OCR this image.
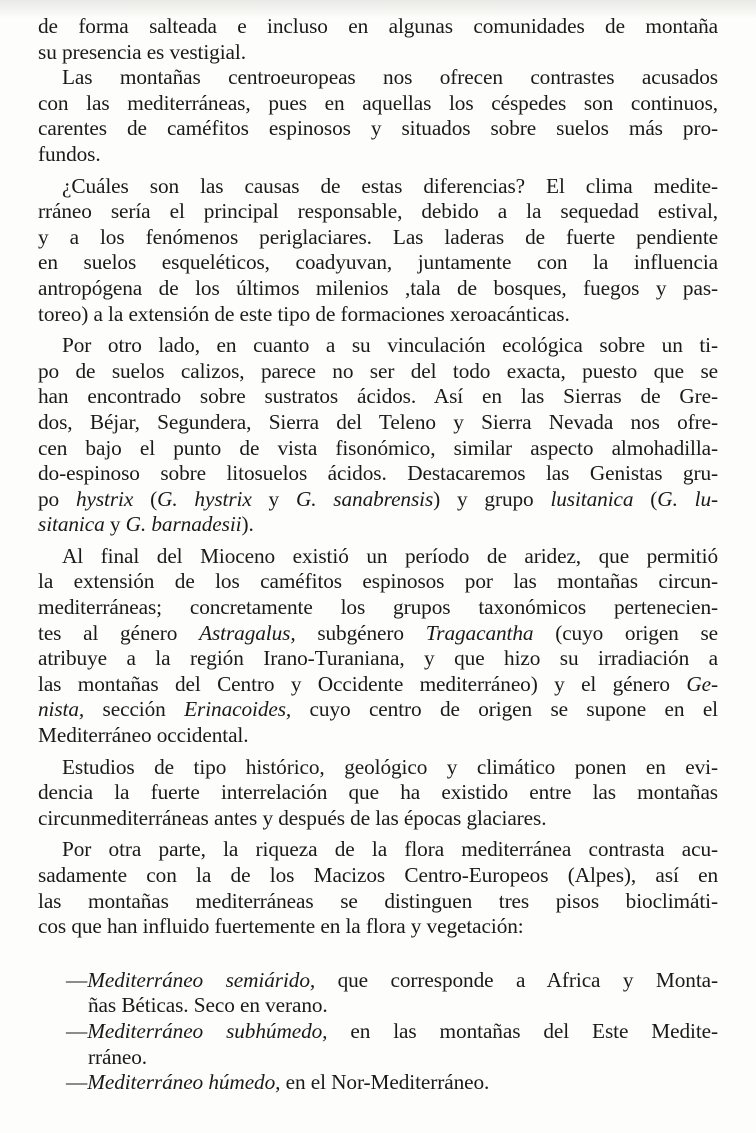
de forma salteada e incluso en algunas comunidades de montaña
su presencia es vestigial.
Las montañas centroeuropeas nos ofrecen contrastes acusados
con las mediterráneas, pues en aquellas los céspedes son continuos,
carentes de caméfitos espinosos y situados sobre suelos más pro-
fundos.
¿Cuáles son las causas de estas diferencias? El clima medite-
rráneo sería el principal responsable, debido a la sequedad estival,
y a los fenómenos periglaciares. Las laderas de fuerte pendiente
en suelos esqueléticos, coadyuvan, juntamente con la influencia
antropógena de los últimos milenios ,tala de bosques, fuegos y pas-
toreo) a la extensión de este tipo de formaciones xeroacánticas.
Por otro lado, en cuanto a su vinculación ecológica sobre un ti-
po de suelos calizos, parece no ser del todo exacta, puesto que se
han encontrado sobre sustratos ácidos. Así en las Sierras de Gre-
dos, Béjar, Segundera, Sierra del Teleno y Sierra Nevada nos ofre-
cen bajo el punto de vista fisonómico, similar aspecto almohadilla-
do-espinoso sobre litosuelos ácidos. Destacaremos las Genistas gru-
po hystrix (G. hystrix y G. sanabrensis) y grupo lusitanica (G. lu-
sitanica y G. barnadesii).
Al final del Mioceno existió un período de aridez, que permitió
la extensión de los caméfitos espinosos por las montañas circun-
mediterráneas; concretamente los grupos taxonómicos pertenecien-
tes al género Astragalus, subgénero Tragacantha (cuyo origen se
atribuye a la región Irano-Turaniana, y que hizo su irradiación a
las montañas del Centro y Occidente mediterráneo) y el género Ge-
nista, sección Erinacoides, cuyo centro de origen se supone en el
Mediterráneo occidental.
Estudios de tipo histórico, geológico y climático ponen en evi-
dencia la fuerte interrelación que ha existido entre las montañas
circunmediterráneas antes y después de las épocas glaciares.
Por otra parte, la riqueza de la flora mediterránea contrasta acu-
sadamente con la de los Macizos Centro-Europeos (Alpes), así en
las montañas mediterráneas se distinguen tres pisos bioclimáti-
cos que han influido fuertemente en la flora y vegetación:
—Mediterráneo semiárido, que corresponde a Africa y Monta-
ñas Béticas. Seco en verano.
—Mediterráneo subhúmedo, en las montañas del Este Medite-
rráneo.
—Mediterráneo húmedo, en el Nor-Mediterráneo.
